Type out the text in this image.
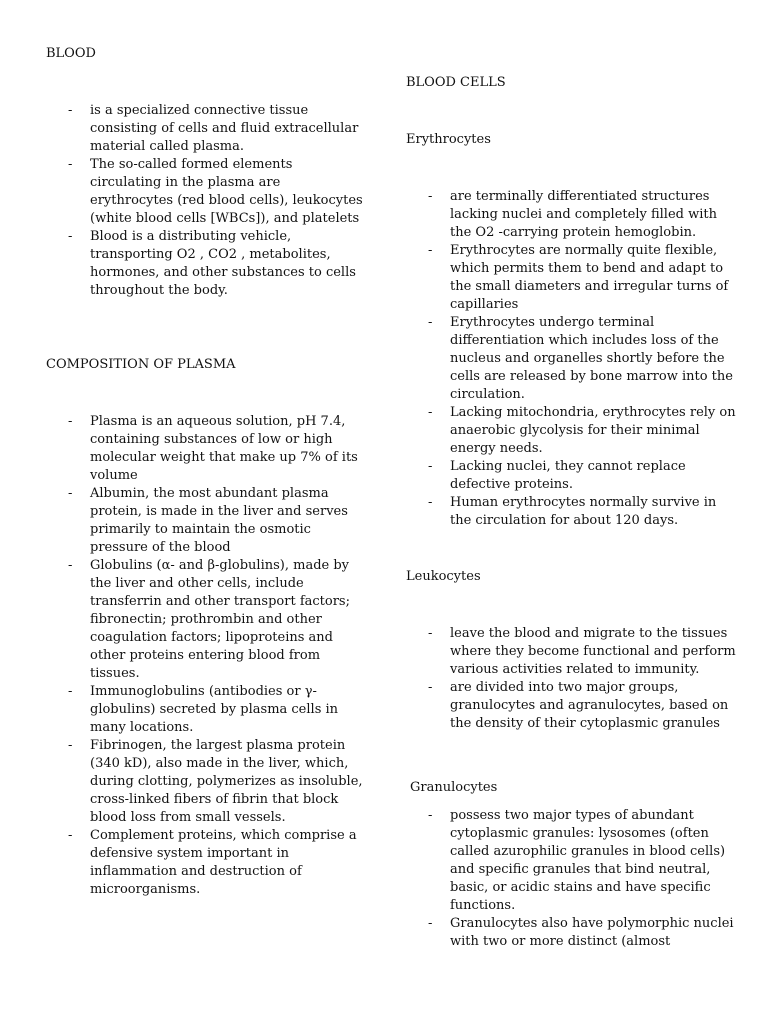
BLOOD
- is a specialized connective tissue consisting of cells and fluid extracellular material called plasma.
- The so-called formed elements circulating in the plasma are erythrocytes (red blood cells), leukocytes (white blood cells [WBCs]), and platelets
- Blood is a distributing vehicle, transporting O2 , CO2 , metabolites, hormones, and other substances to cells throughout the body.
COMPOSITION OF PLASMA
- Plasma is an aqueous solution, pH 7.4, containing substances of low or high molecular weight that make up 7% of its volume
- Albumin, the most abundant plasma protein, is made in the liver and serves primarily to maintain the osmotic pressure of the blood
- Globulins (α- and β-globulins), made by the liver and other cells, include transferrin and other transport factors; fibronectin; prothrombin and other coagulation factors; lipoproteins and other proteins entering blood from tissues.
- Immunoglobulins (antibodies or γ-globulins) secreted by plasma cells in many locations.
- Fibrinogen, the largest plasma protein (340 kD), also made in the liver, which, during clotting, polymerizes as insoluble, cross-linked fibers of fibrin that block blood loss from small vessels.
- Complement proteins, which comprise a defensive system important in inflammation and destruction of microorganisms.
BLOOD CELLS
Erythrocytes
- are terminally differentiated structures lacking nuclei and completely filled with the O2 -carrying protein hemoglobin.
- Erythrocytes are normally quite flexible, which permits them to bend and adapt to the small diameters and irregular turns of capillaries
- Erythrocytes undergo terminal differentiation which includes loss of the nucleus and organelles shortly before the cells are released by bone marrow into the circulation.
- Lacking mitochondria, erythrocytes rely on anaerobic glycolysis for their minimal energy needs.
- Lacking nuclei, they cannot replace defective proteins.
- Human erythrocytes normally survive in the circulation for about 120 days.
Leukocytes
- leave the blood and migrate to the tissues where they become functional and perform various activities related to immunity.
- are divided into two major groups, granulocytes and agranulocytes, based on the density of their cytoplasmic granules
Granulocytes
- possess two major types of abundant cytoplasmic granules: lysosomes (often called azurophilic granules in blood cells) and specific granules that bind neutral, basic, or acidic stains and have specific functions.
- Granulocytes also have polymorphic nuclei with two or more distinct (almost
